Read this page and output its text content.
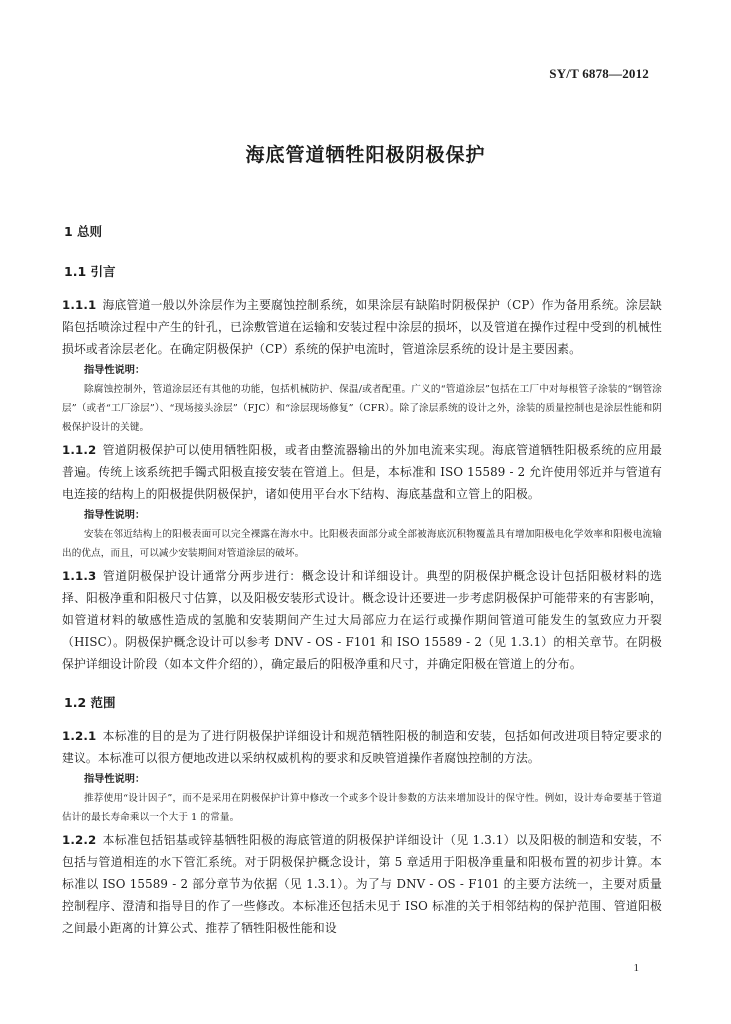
SY/T 6878—2012
海底管道牺牲阳极阴极保护
1 总则
1.1 引言

1.1.1 海底管道一般以外涂层作为主要腐蚀控制系统，如果涂层有缺陷时阴极保护（CP）作为备用系统。涂层缺陷包括喷涂过程中产生的针孔，已涂敷管道在运输和安装过程中涂层的损坏，以及管道在操作过程中受到的机械性损坏或者涂层老化。在确定阴极保护（CP）系统的保护电流时，管道涂层系统的设计是主要因素。

指导性说明：

除腐蚀控制外，管道涂层还有其他的功能，包括机械防护、保温/或者配重。广义的“管道涂层”包括在工厂中对每根管子涂装的“钢管涂层”（或者“工厂涂层”）、“现场接头涂层”（FJC）和“涂层现场修复”（CFR）。除了涂层系统的设计之外，涂装的质量控制也是涂层性能和阴极保护设计的关键。

1.1.2 管道阴极保护可以使用牺牲阳极，或者由整流器输出的外加电流来实现。海底管道牺牲阳极系统的应用最普遍。传统上该系统把手镯式阳极直接安装在管道上。但是，本标准和 ISO 15589 - 2 允许使用邻近并与管道有电连接的结构上的阳极提供阴极保护，诸如使用平台水下结构、海底基盘和立管上的阳极。

指导性说明：

安装在邻近结构上的阳极表面可以完全裸露在海水中。比阳极表面部分或全部被海底沉积物覆盖具有增加阳极电化学效率和阳极电流输出的优点，而且，可以减少安装期间对管道涂层的破坏。

1.1.3 管道阴极保护设计通常分两步进行：概念设计和详细设计。典型的阴极保护概念设计包括阳极材料的选择、阳极净重和阳极尺寸估算，以及阳极安装形式设计。概念设计还要进一步考虑阴极保护可能带来的有害影响，如管道材料的敏感性造成的氢脆和安装期间产生过大局部应力在运行或操作期间管道可能发生的氢致应力开裂（HISC）。阴极保护概念设计可以参考 DNV - OS - F101 和 ISO 15589 - 2（见 1.3.1）的相关章节。在阴极保护详细设计阶段（如本文件介绍的），确定最后的阳极净重和尺寸，并确定阳极在管道上的分布。

1.2 范围

1.2.1 本标准的目的是为了进行阴极保护详细设计和规范牺牲阳极的制造和安装，包括如何改进项目特定要求的建议。本标准可以很方便地改进以采纳权威机构的要求和反映管道操作者腐蚀控制的方法。

指导性说明：

推荐使用“设计因子”，而不是采用在阴极保护计算中修改一个或多个设计参数的方法来增加设计的保守性。例如，设计寿命要基于管道估计的最长寿命乘以一个大于 1 的常量。

1.2.2 本标准包括铝基或锌基牺牲阳极的海底管道的阴极保护详细设计（见 1.3.1）以及阳极的制造和安装，不包括与管道相连的水下管汇系统。对于阴极保护概念设计，第 5 章适用于阳极净重量和阳极布置的初步计算。本标准以 ISO 15589 - 2 部分章节为依据（见 1.3.1）。为了与 DNV - OS - F101 的主要方法统一，主要对质量控制程序、澄清和指导目的作了一些修改。本标准还包括未见于 ISO 标准的关于相邻结构的保护范围、管道阳极之间最小距离的计算公式、推荐了牺牲阳极性能和设

1
